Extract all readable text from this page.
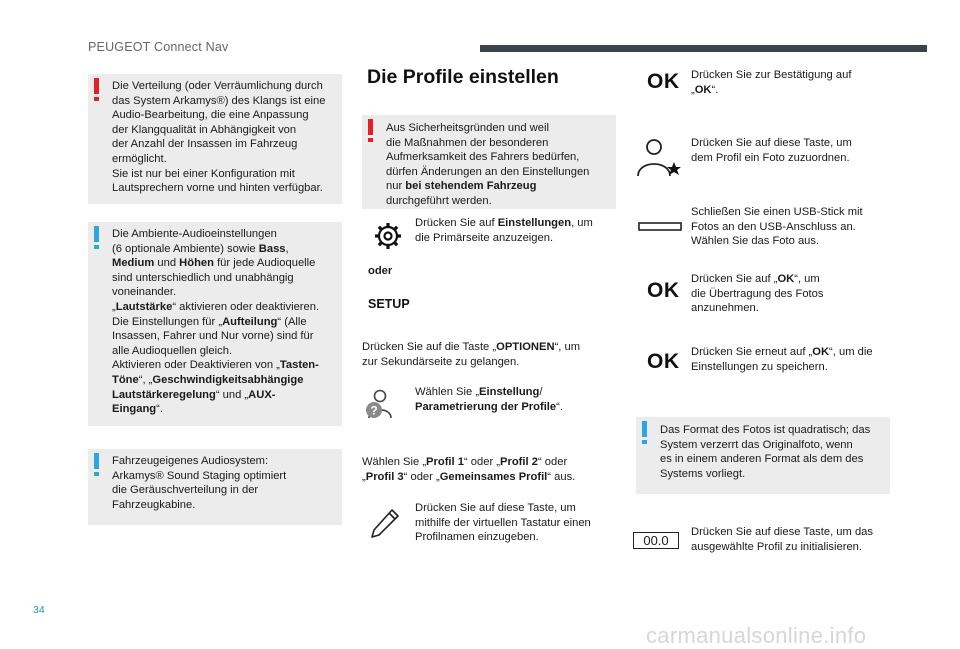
PEUGEOT Connect Nav

Die Verteilung (oder Verräumlichung durch

das System Arkamys®) des Klangs ist eine

Audio-Bearbeitung, die eine Anpassung

der Klangqualität in Abhängigkeit von

der Anzahl der Insassen im Fahrzeug

ermöglicht.

Sie ist nur bei einer Konfiguration mit

Lautsprechern vorne und hinten verfügbar.

Die Ambiente-Audioeinstellungen

(6 optionale Ambiente) sowie Bass,

Medium und Höhen für jede Audioquelle

sind unterschiedlich und unabhängig

voneinander.

„Lautstärke“ aktivieren oder deaktivieren.

Die Einstellungen für „Aufteilung“ (Alle

Insassen, Fahrer und Nur vorne) sind für

alle Audioquellen gleich.

Aktivieren oder Deaktivieren von „Tasten-

Töne“, „Geschwindigkeitsabhängige

Lautstärkeregelung“ und „AUX-

Eingang“.

Fahrzeugeigenes Audiosystem:

Arkamys® Sound Staging optimiert

die Geräuschverteilung in der

Fahrzeugkabine.

Die Profile einstellen

Aus Sicherheitsgründen und weil

die Maßnahmen der besonderen

Aufmerksamkeit des Fahrers bedürfen,

dürfen Änderungen an den Einstellungen

nur bei stehendem Fahrzeug

durchgeführt werden.

Drücken Sie auf Einstellungen, um
die Primärseite anzuzeigen.
oder
SETUP
Drücken Sie auf die Taste „OPTIONEN“, um
zur Sekundärseite zu gelangen.
?
Wählen Sie „Einstellung/
Parametrierung der Profile“.
Wählen Sie „Profil 1“ oder „Profil 2“ oder
„Profil 3“ oder „Gemeinsames Profil“ aus.
Drücken Sie auf diese Taste, um
mithilfe der virtuellen Tastatur einen
Profilnamen einzugeben.
OK Drücken Sie zur Bestätigung auf
„OK“.
Drücken Sie auf diese Taste, um
dem Profil ein Foto zuzuordnen.
Schließen Sie einen USB-Stick mit
Fotos an den USB-Anschluss an.
Wählen Sie das Foto aus.
OK Drücken Sie auf „OK“, um
die Übertragung des Fotos
anzunehmen.
OK Drücken Sie erneut auf „OK“, um die
Einstellungen zu speichern.

Das Format des Fotos ist quadratisch; das

System verzerrt das Originalfoto, wenn

es in einem anderen Format als dem des

Systems vorliegt.

00.0
Drücken Sie auf diese Taste, um das
ausgewählte Profil zu initialisieren.
34
carmanualsonline.info
